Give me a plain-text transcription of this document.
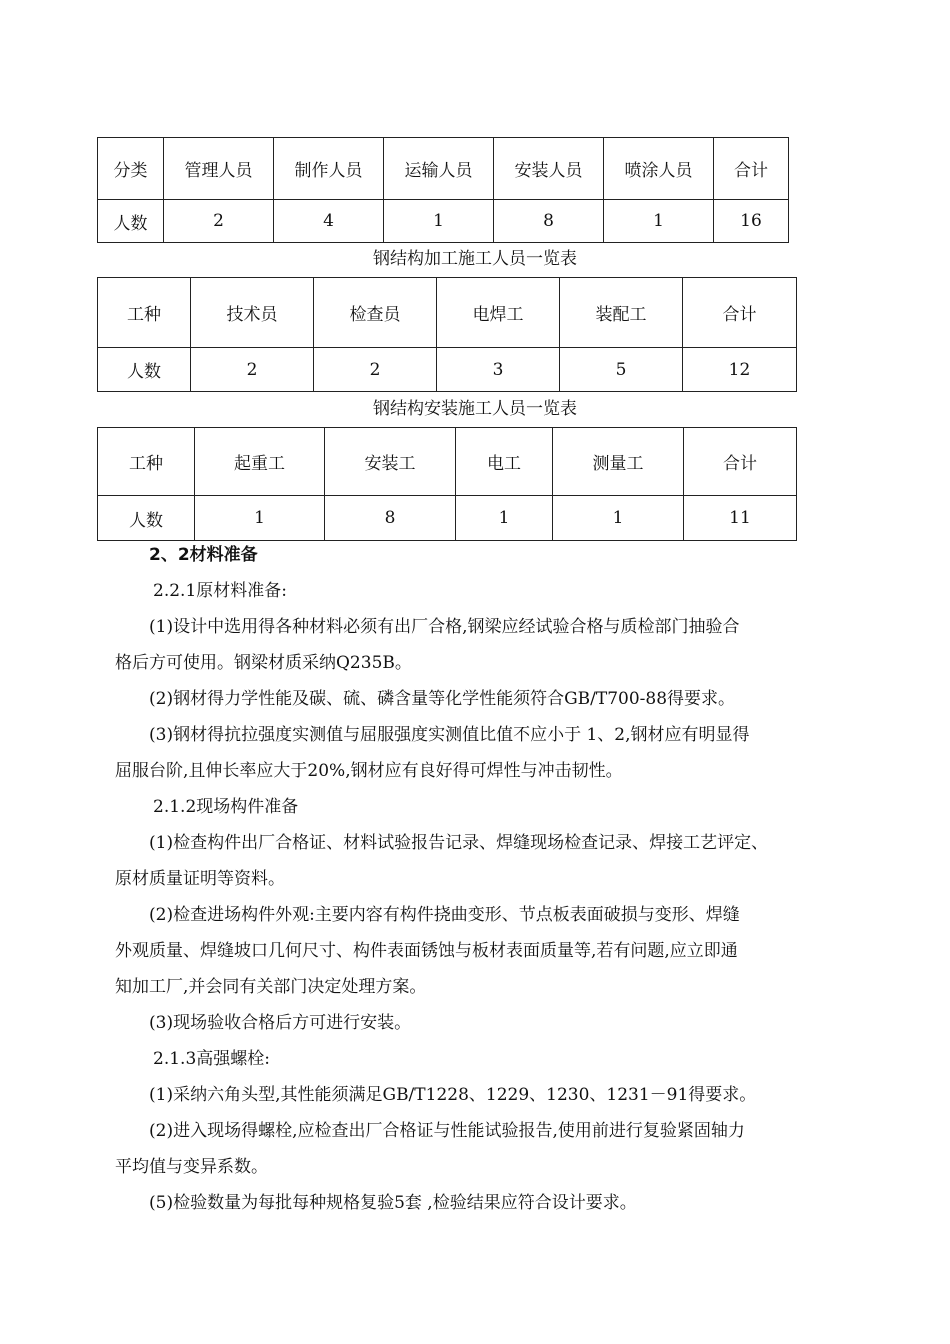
分类	管理人员	制作人员	运输人员	安装人员	喷涂人员	合计
人数	2	4	1	8	1	16
钢结构加工施工人员一览表
工种	技术员	检查员	电焊工	装配工	合计
人数	2	2	3	5	12
钢结构安装施工人员一览表
工种	起重工	安装工	电工	测量工	合计
人数	1	8	1	1	11
2、2材料准备
2.2.1原材料准备:
(1)设计中选用得各种材料必须有出厂合格,钢梁应经试验合格与质检部门抽验合
格后方可使用。钢梁材质采纳Q235B。
(2)钢材得力学性能及碳、硫、磷含量等化学性能须符合GB/T700-88得要求。
(3)钢材得抗拉强度实测值与屈服强度实测值比值不应小于 1、2,钢材应有明显得
屈服台阶,且伸长率应大于20%,钢材应有良好得可焊性与冲击韧性。
2.1.2现场构件准备
(1)检查构件出厂合格证、材料试验报告记录、焊缝现场检查记录、焊接工艺评定、
原材质量证明等资料。
(2)检查进场构件外观:主要内容有构件挠曲变形、节点板表面破损与变形、焊缝
外观质量、焊缝坡口几何尺寸、构件表面锈蚀与板材表面质量等,若有问题,应立即通
知加工厂,并会同有关部门决定处理方案。
(3)现场验收合格后方可进行安装。
2.1.3高强螺栓:
(1)采纳六角头型,其性能须满足GB/T1228、1229、1230、1231－91得要求。
(2)进入现场得螺栓,应检查出厂合格证与性能试验报告,使用前进行复验紧固轴力
平均值与变异系数。
(5)检验数量为每批每种规格复验5套 ,检验结果应符合设计要求。
